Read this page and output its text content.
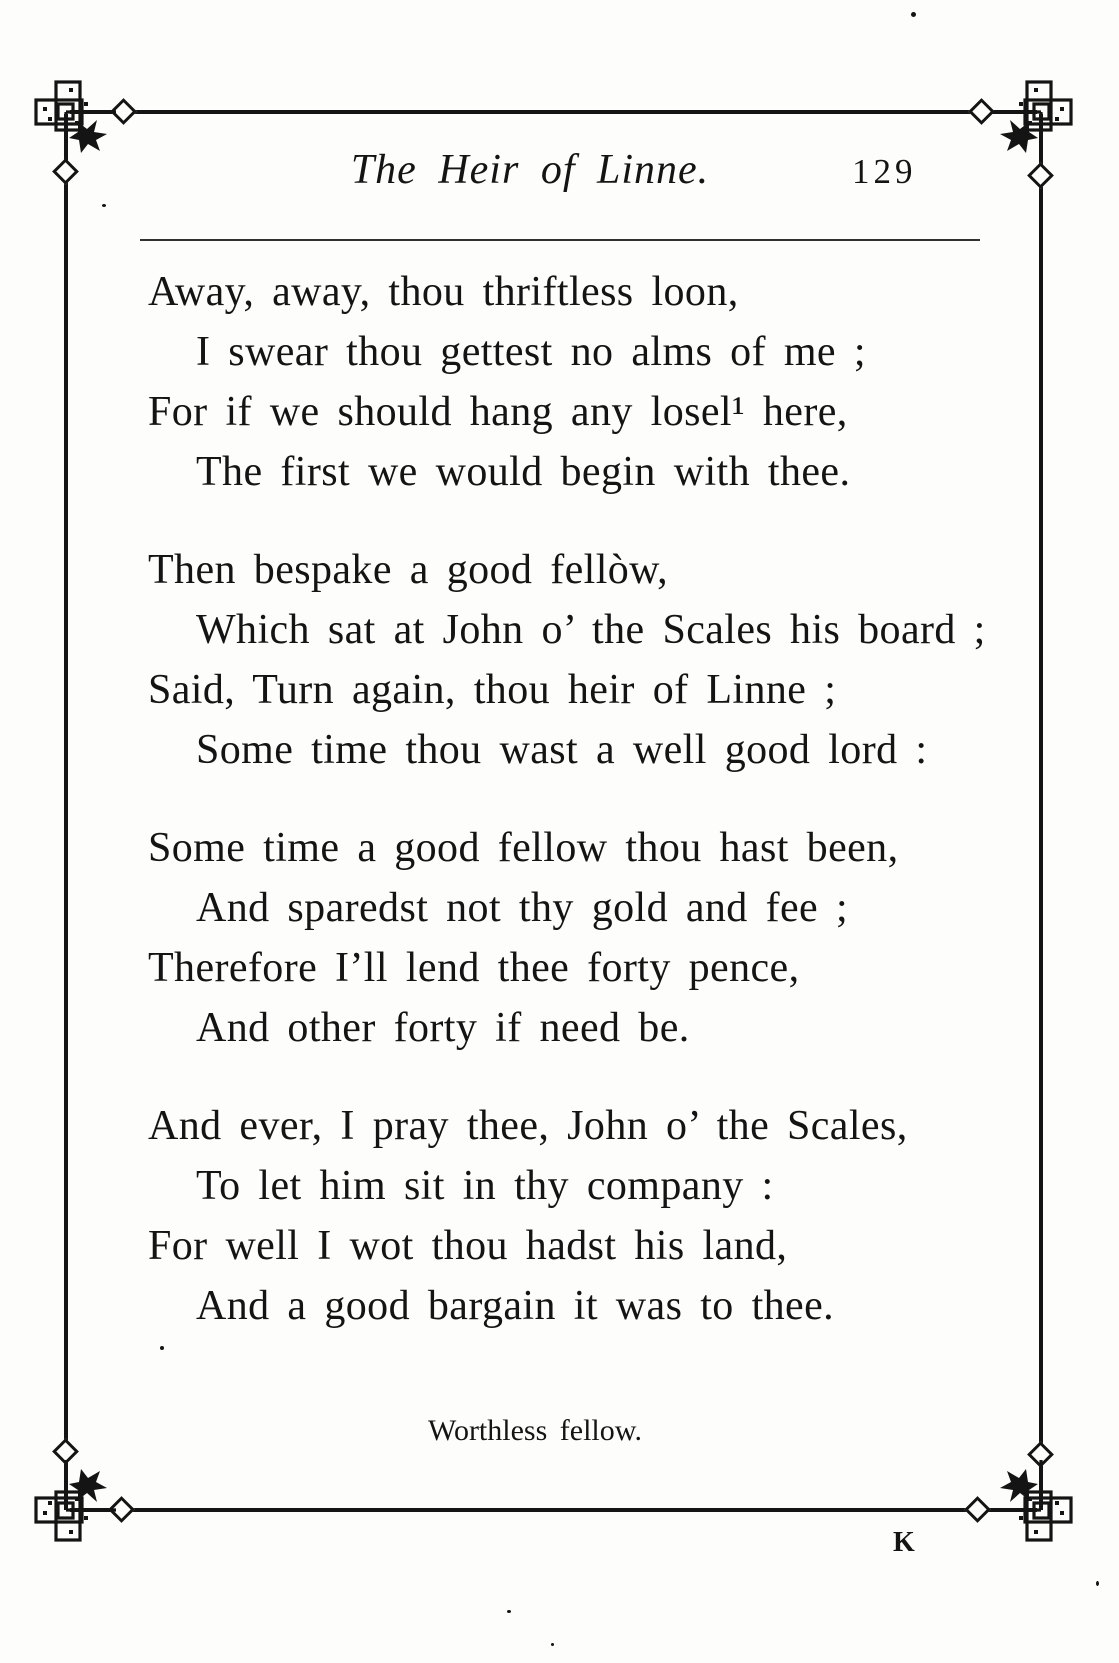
The Heir of Linne.	129
Away, away, thou thriftless loon,
I swear thou gettest no alms of me ;
For if we should hang any losel¹ here,
The first we would begin with thee.
Then bespake a good fellòw,
Which sat at John o’ the Scales his board ;
Said, Turn again, thou heir of Linne ;
Some time thou wast a well good lord :
Some time a good fellow thou hast been,
And sparedst not thy gold and fee ;
Therefore I’ll lend thee forty pence,
And other forty if need be.
And ever, I pray thee, John o’ the Scales,
To let him sit in thy company :
For well I wot thou hadst his land,
And a good bargain it was to thee.
Worthless fellow.
K
